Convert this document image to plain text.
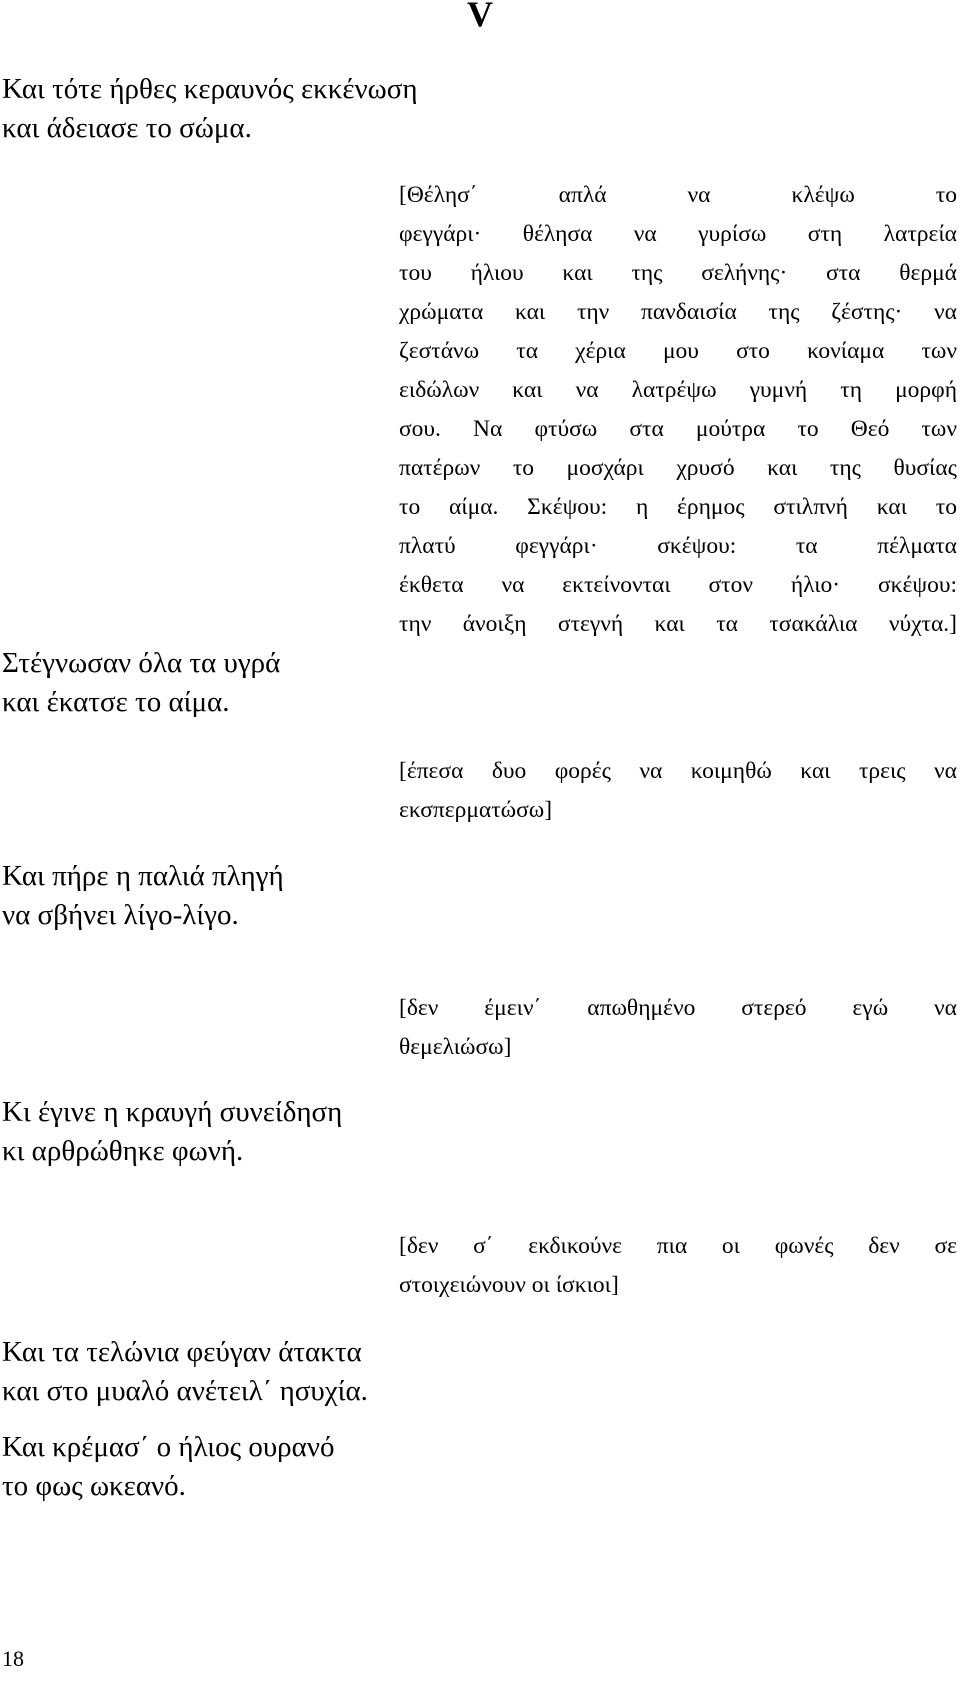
V

Και τότε ήρθες κεραυνός εκκένωση
και άδειασε το σώμα.

[Θέλησ΄ απλά να κλέψω το
φεγγάρι· θέλησα να γυρίσω στη λατρεία
του ήλιου και της σελήνης· στα θερμά
χρώματα και την πανδαισία της ζέστης· να
ζεστάνω τα χέρια μου στο κονίαμα των
ειδώλων και να λατρέψω γυμνή τη μορφή
σου. Να φτύσω στα μούτρα το Θεό των
πατέρων το μοσχάρι χρυσό και της θυσίας
το αίμα. Σκέψου: η έρημος στιλπνή και το
πλατύ φεγγάρι· σκέψου: τα πέλματα
έκθετα να εκτείνονται στον ήλιο· σκέψου:
την άνοιξη στεγνή και τα τσακάλια νύχτα.]

Στέγνωσαν όλα τα υγρά
και έκατσε το αίμα.

[έπεσα δυο φορές να κοιμηθώ και τρεις να
εκσπερματώσω]

Και πήρε η παλιά πληγή
να σβήνει λίγο-λίγο.

[δεν έμειν΄ απωθημένο στερεό εγώ να
θεμελιώσω]

Κι έγινε η κραυγή συνείδηση
κι αρθρώθηκε φωνή.

[δεν σ΄ εκδικούνε πια οι φωνές δεν σε
στοιχειώνουν οι ίσκιοι]

Και τα τελώνια φεύγαν άτακτα
και στο μυαλό ανέτειλ΄ ησυχία.

Και κρέμασ΄ ο ήλιος ουρανό
το φως ωκεανό.

18
